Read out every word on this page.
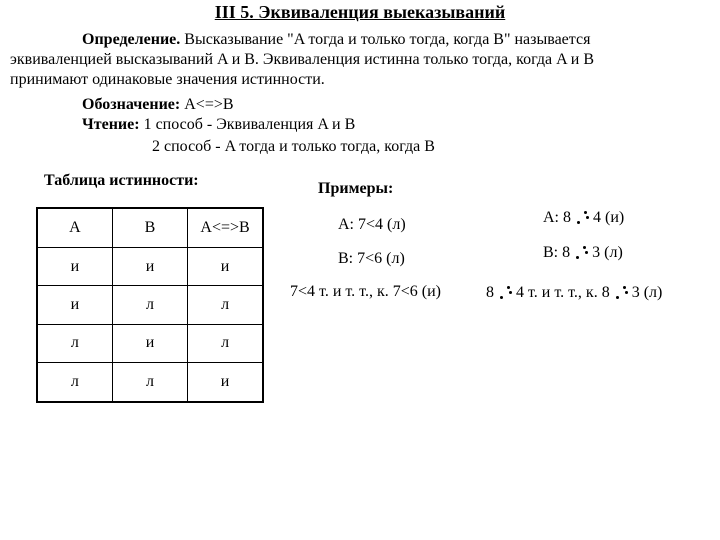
III 5. Эквиваленция выеказываний
Определение. Высказывание "A тогда и только тогда, когда B" называется
эквиваленцией высказываний A и B. Эквиваленция истинна только тогда, когда A и B
принимают одинаковые значения истинности.
Обозначение: A<=>B
Чтение: 1 способ - Эквиваленция A и B
2 способ - A тогда и только тогда, когда B
Таблица истинности:	Примеры:
A	B	A<=>B
и	и	и
и	л	л
л	и	л
л	л	и
A: 7<4 (л)
B: 7<6 (л)
7<4 т. и т. т., к. 7<6 (и)
A: 8 4 (и)
B: 8 3 (л)
8 4 т. и т. т., к. 8 3 (л)
